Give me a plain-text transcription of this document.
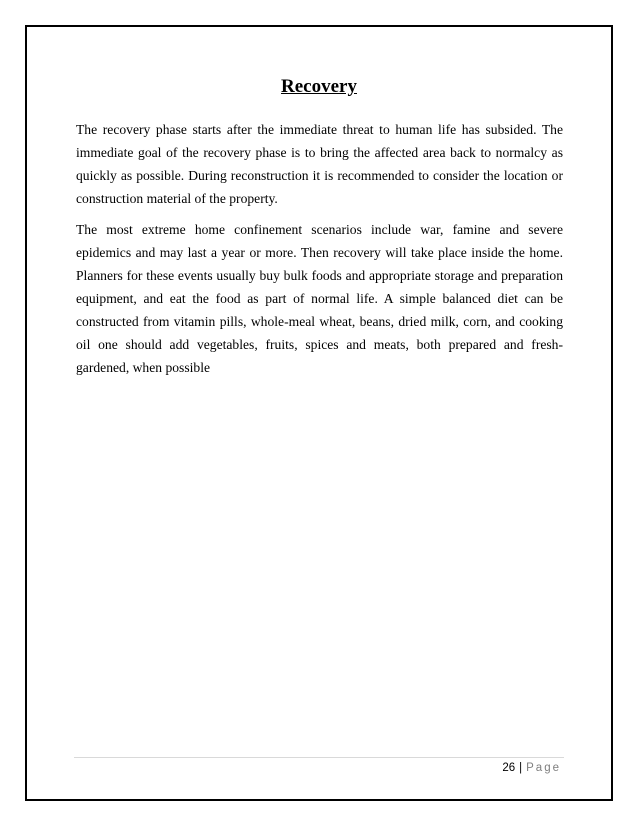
Recovery

The recovery phase starts after the immediate threat to human life has subsided. The immediate goal of the recovery phase is to bring the affected area back to normalcy as quickly as possible. During reconstruction it is recommended to consider the location or construction material of the property.

The most extreme home confinement scenarios include war, famine and severe epidemics and may last a year or more. Then recovery will take place inside the home. Planners for these events usually buy bulk foods and appropriate storage and preparation equipment, and eat the food as part of normal life. A simple balanced diet can be constructed from vitamin pills, whole-meal wheat, beans, dried milk, corn, and cooking oil one should add vegetables, fruits, spices and meats, both prepared and fresh-gardened, when possible

26 | Page
